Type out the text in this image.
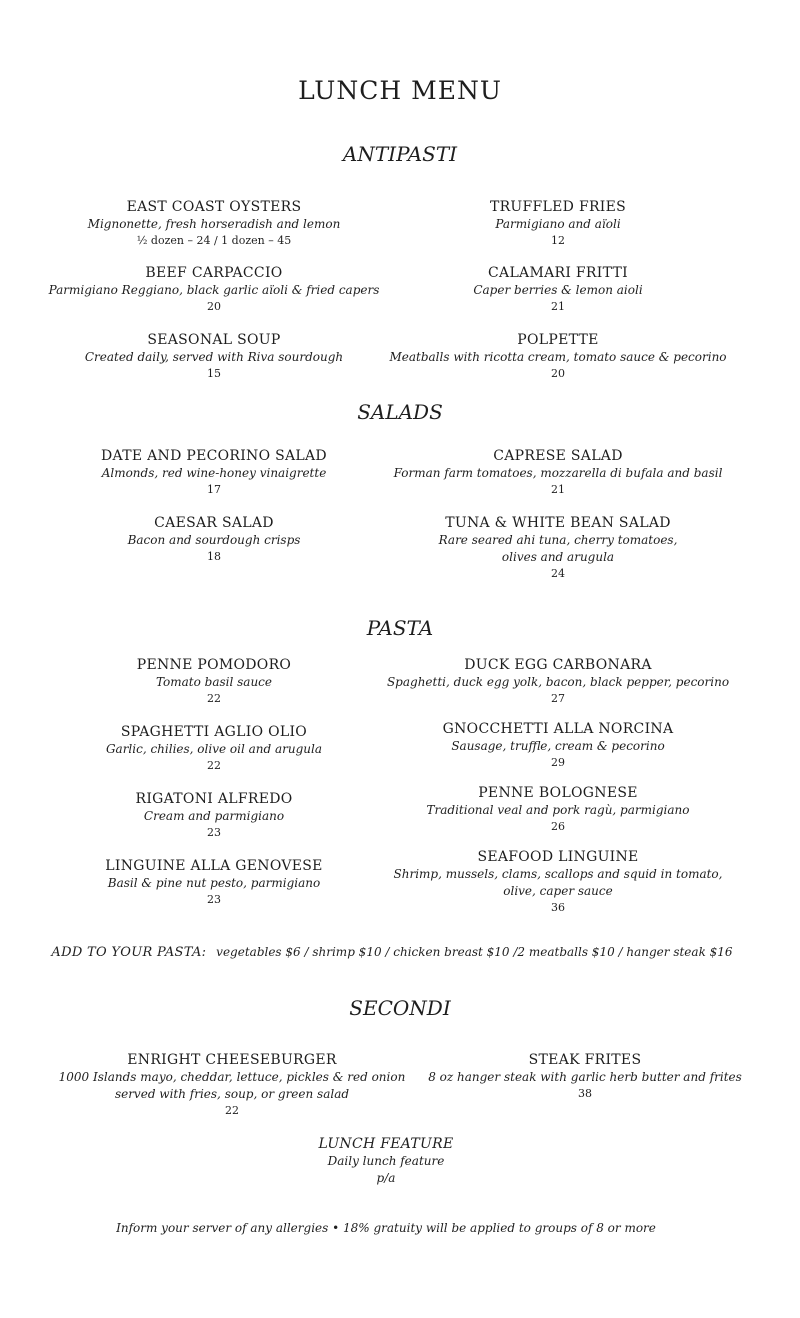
LUNCH MENU
ANTIPASTI
EAST COAST OYSTERS
Mignonette, fresh horseradish and lemon
½ dozen – 24 / 1 dozen – 45
TRUFFLED FRIES
Parmigiano and aïoli
12
BEEF CARPACCIO
Parmigiano Reggiano, black garlic aïoli & fried capers
20
CALAMARI FRITTI
Caper berries & lemon aioli
21
SEASONAL SOUP
Created daily, served with Riva sourdough
15
POLPETTE
Meatballs with ricotta cream, tomato sauce & pecorino
20
SALADS
DATE AND PECORINO SALAD
Almonds, red wine-honey vinaigrette
17
CAPRESE SALAD
Forman farm tomatoes, mozzarella di bufala and basil
21
CAESAR SALAD
Bacon and sourdough crisps
18
TUNA & WHITE BEAN SALAD
Rare seared ahi tuna, cherry tomatoes,
olives and arugula
24
PASTA
PENNE POMODORO
Tomato basil sauce
22
DUCK EGG CARBONARA
Spaghetti, duck egg yolk, bacon, black pepper, pecorino
27
SPAGHETTI AGLIO OLIO
Garlic, chilies, olive oil and arugula
22
GNOCCHETTI ALLA NORCINA
Sausage, truffle, cream & pecorino
29
RIGATONI ALFREDO
Cream and parmigiano
23
PENNE BOLOGNESE
Traditional veal and pork ragù, parmigiano
26
LINGUINE ALLA GENOVESE
Basil & pine nut pesto, parmigiano
23
SEAFOOD LINGUINE
Shrimp, mussels, clams, scallops and squid in tomato,
olive, caper sauce
36
ADD TO YOUR PASTA: vegetables $6 / shrimp $10 / chicken breast $10 /2 meatballs $10 / hanger steak $16
SECONDI
ENRIGHT CHEESEBURGER
1000 Islands mayo, cheddar, lettuce, pickles & red onion
served with fries, soup, or green salad
22
STEAK FRITES
8 oz hanger steak with garlic herb butter and frites
38
LUNCH FEATURE
Daily lunch feature
p/a
Inform your server of any allergies • 18% gratuity will be applied to groups of 8 or more
